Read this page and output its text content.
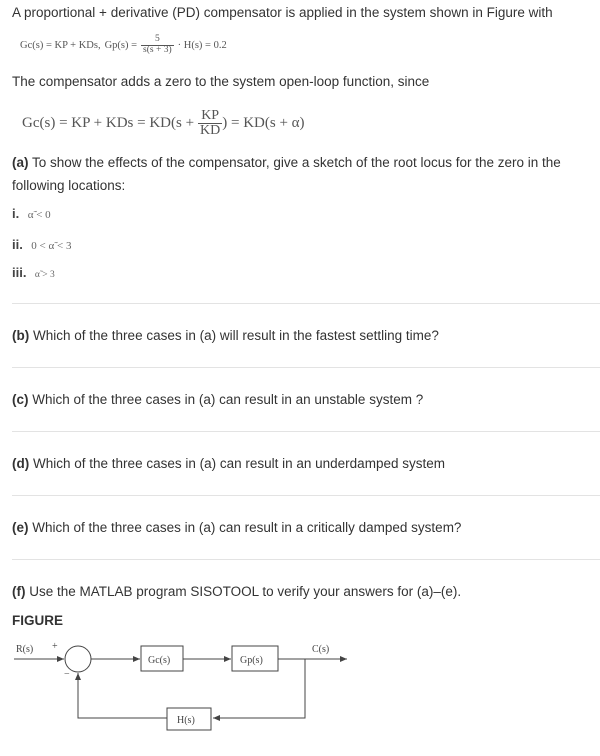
A proportional + derivative (PD) compensator is applied in the system shown in Figure with
Gc(s) = KP + KDs, $Gp(s) = \frac{5}{s(s + 3)} \cdot H(s) = 0.2$
The compensator adds a zero to the system open-loop function, since
Gc(s) = KP + KDs = $KD(s + \frac{KP}{KD}$ ) = KD(s + α)
(a) To show the effects of the compensator, give a sketch of the root locus for the zero in the
following locations:
i. α̃ < 0
ii. 0 < α̃ < 3
iii. α̃ > 3
(b) Which of the three cases in (a) will result in the fastest settling time?
(c) Which of the three cases in (a) can result in an unstable system ?
(d) Which of the three cases in (a) can result in an underdamped system
(e) Which of the three cases in (a) can result in a critically damped system?
(f) Use the MATLAB program SISOTOOL to verify your answers for (a)–(e).
FIGURE
R(s) +
−
Gc(s)	Gp(s)
C(s)
H(s)
